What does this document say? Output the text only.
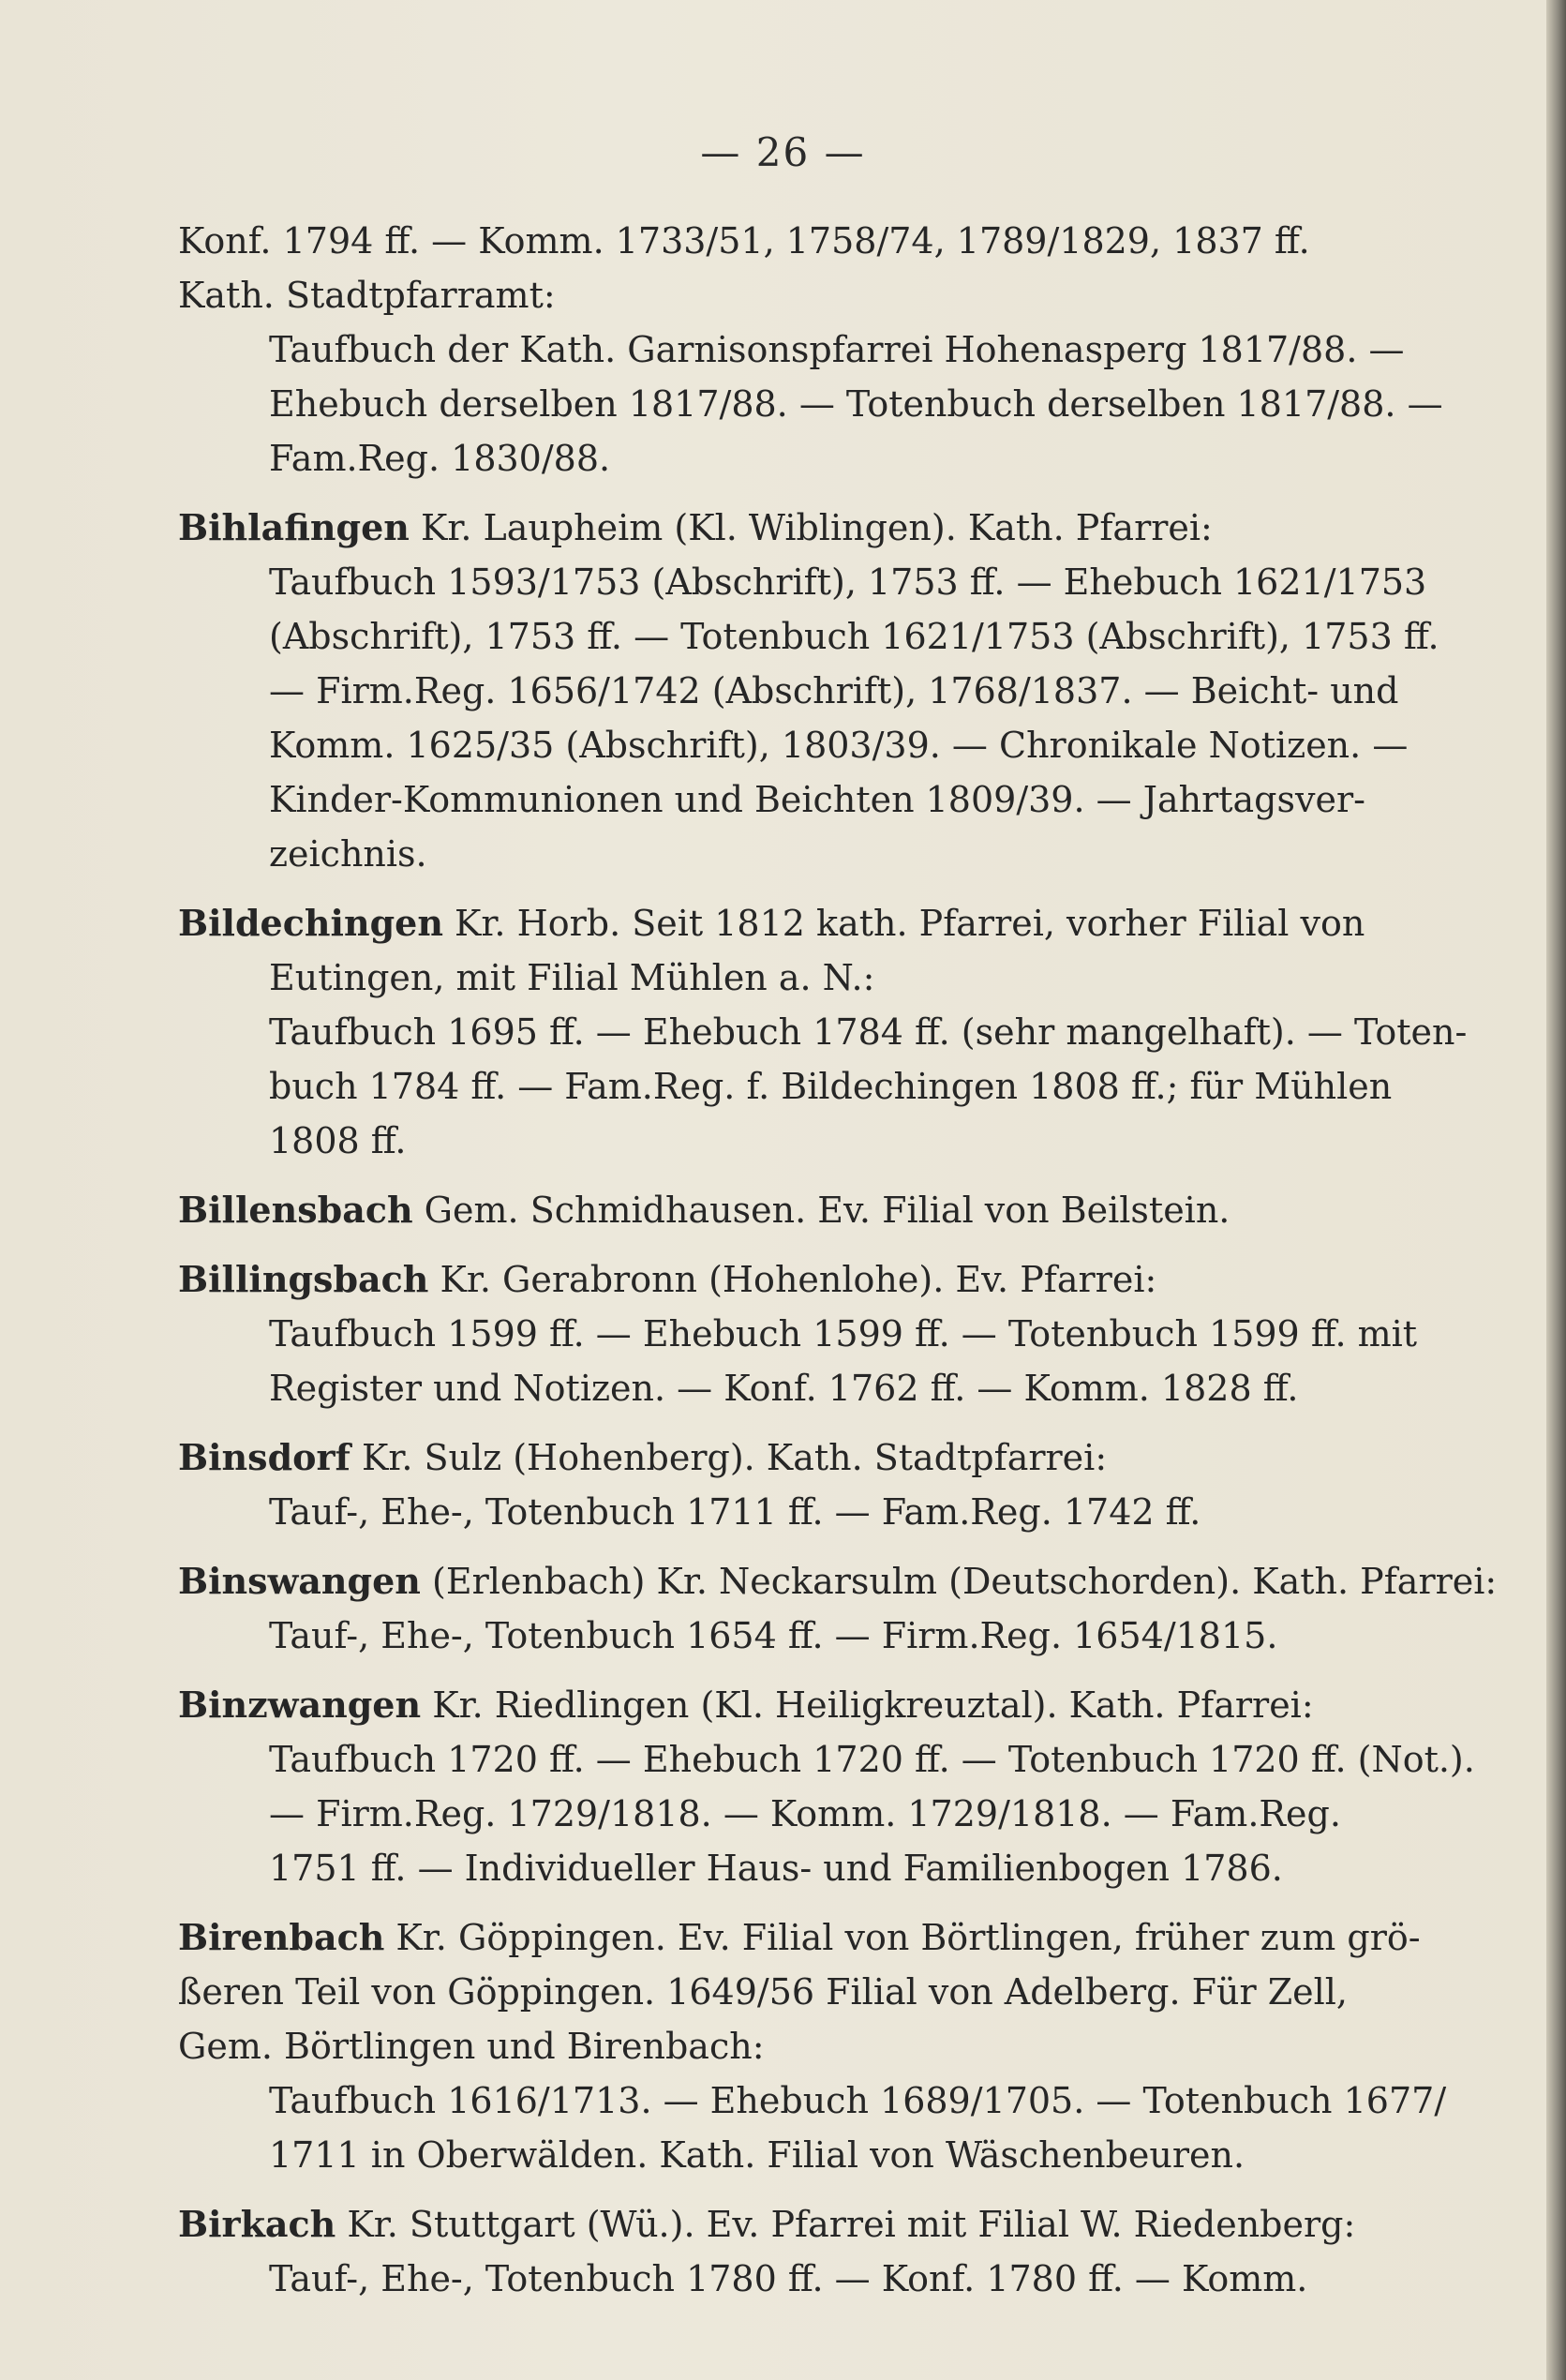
— 26 —
Konf. 1794 ff. — Komm. 1733/51, 1758/74, 1789/1829, 1837 ff.
Kath. Stadtpfarramt:
Taufbuch der Kath. Garnisonspfarrei Hohenasperg 1817/88. —
Ehebuch derselben 1817/88. — Totenbuch derselben 1817/88. —
Fam.Reg. 1830/88.
Bihlafingen Kr. Laupheim (Kl. Wiblingen). Kath. Pfarrei:
Taufbuch 1593/1753 (Abschrift), 1753 ff. — Ehebuch 1621/1753
(Abschrift), 1753 ff. — Totenbuch 1621/1753 (Abschrift), 1753 ff.
— Firm.Reg. 1656/1742 (Abschrift), 1768/1837. — Beicht- und
Komm. 1625/35 (Abschrift), 1803/39. — Chronikale Notizen. —
Kinder-Kommunionen und Beichten 1809/39. — Jahrtagsver-
zeichnis.
Bildechingen Kr. Horb. Seit 1812 kath. Pfarrei, vorher Filial von
Eutingen, mit Filial Mühlen a. N.:
Taufbuch 1695 ff. — Ehebuch 1784 ff. (sehr mangelhaft). — Toten-
buch 1784 ff. — Fam.Reg. f. Bildechingen 1808 ff.; für Mühlen
1808 ff.
Billensbach Gem. Schmidhausen. Ev. Filial von Beilstein.
Billingsbach Kr. Gerabronn (Hohenlohe). Ev. Pfarrei:
Taufbuch 1599 ff. — Ehebuch 1599 ff. — Totenbuch 1599 ff. mit
Register und Notizen. — Konf. 1762 ff. — Komm. 1828 ff.
Binsdorf Kr. Sulz (Hohenberg). Kath. Stadtpfarrei:
Tauf-, Ehe-, Totenbuch 1711 ff. — Fam.Reg. 1742 ff.
Binswangen (Erlenbach) Kr. Neckarsulm (Deutschorden). Kath. Pfarrei:
Tauf-, Ehe-, Totenbuch 1654 ff. — Firm.Reg. 1654/1815.
Binzwangen Kr. Riedlingen (Kl. Heiligkreuztal). Kath. Pfarrei:
Taufbuch 1720 ff. — Ehebuch 1720 ff. — Totenbuch 1720 ff. (Not.).
— Firm.Reg. 1729/1818. — Komm. 1729/1818. — Fam.Reg.
1751 ff. — Individueller Haus- und Familienbogen 1786.
Birenbach Kr. Göppingen. Ev. Filial von Börtlingen, früher zum grö-
ßeren Teil von Göppingen. 1649/56 Filial von Adelberg. Für Zell,
Gem. Börtlingen und Birenbach:
Taufbuch 1616/1713. — Ehebuch 1689/1705. — Totenbuch 1677/
1711 in Oberwälden. Kath. Filial von Wäschenbeuren.
Birkach Kr. Stuttgart (Wü.). Ev. Pfarrei mit Filial W. Riedenberg:
Tauf-, Ehe-, Totenbuch 1780 ff. — Konf. 1780 ff. — Komm.
